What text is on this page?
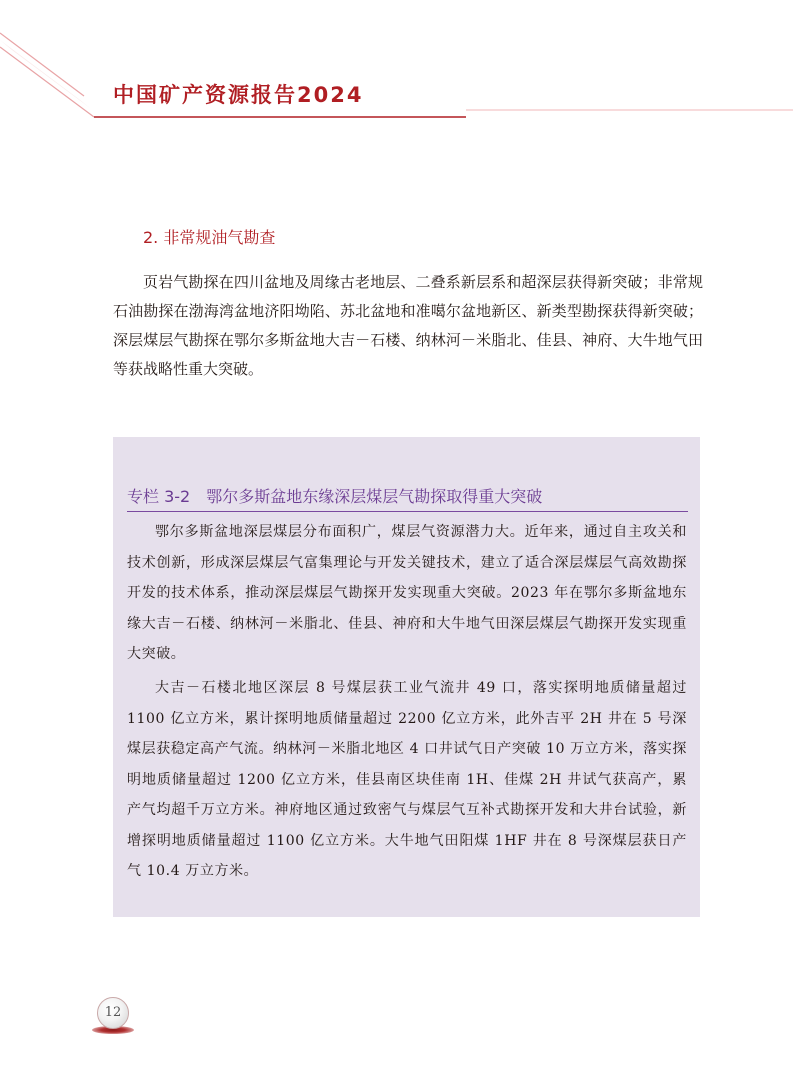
中国矿产资源报告2024
2. 非常规油气勘查

页岩气勘探在四川盆地及周缘古老地层、二叠系新层系和超深层获得新突破；非常规石油勘探在渤海湾盆地济阳坳陷、苏北盆地和准噶尔盆地新区、新类型勘探获得新突破；深层煤层气勘探在鄂尔多斯盆地大吉－石楼、纳林河－米脂北、佳县、神府、大牛地气田等获战略性重大突破。

专栏 3-2　鄂尔多斯盆地东缘深层煤层气勘探取得重大突破

鄂尔多斯盆地深层煤层分布面积广，煤层气资源潜力大。近年来，通过自主攻关和技术创新，形成深层煤层气富集理论与开发关键技术，建立了适合深层煤层气高效勘探开发的技术体系，推动深层煤层气勘探开发实现重大突破。2023 年在鄂尔多斯盆地东缘大吉－石楼、纳林河－米脂北、佳县、神府和大牛地气田深层煤层气勘探开发实现重大突破。

大吉－石楼北地区深层 8 号煤层获工业气流井 49 口，落实探明地质储量超过 1100 亿立方米，累计探明地质储量超过 2200 亿立方米，此外吉平 2H 井在 5 号深煤层获稳定高产气流。纳林河－米脂北地区 4 口井试气日产突破 10 万立方米，落实探明地质储量超过 1200 亿立方米，佳县南区块佳南 1H、佳煤 2H 井试气获高产，累产气均超千万立方米。神府地区通过致密气与煤层气互补式勘探开发和大井台试验，新增探明地质储量超过 1100 亿立方米。大牛地气田阳煤 1HF 井在 8 号深煤层获日产气 10.4 万立方米。

12
